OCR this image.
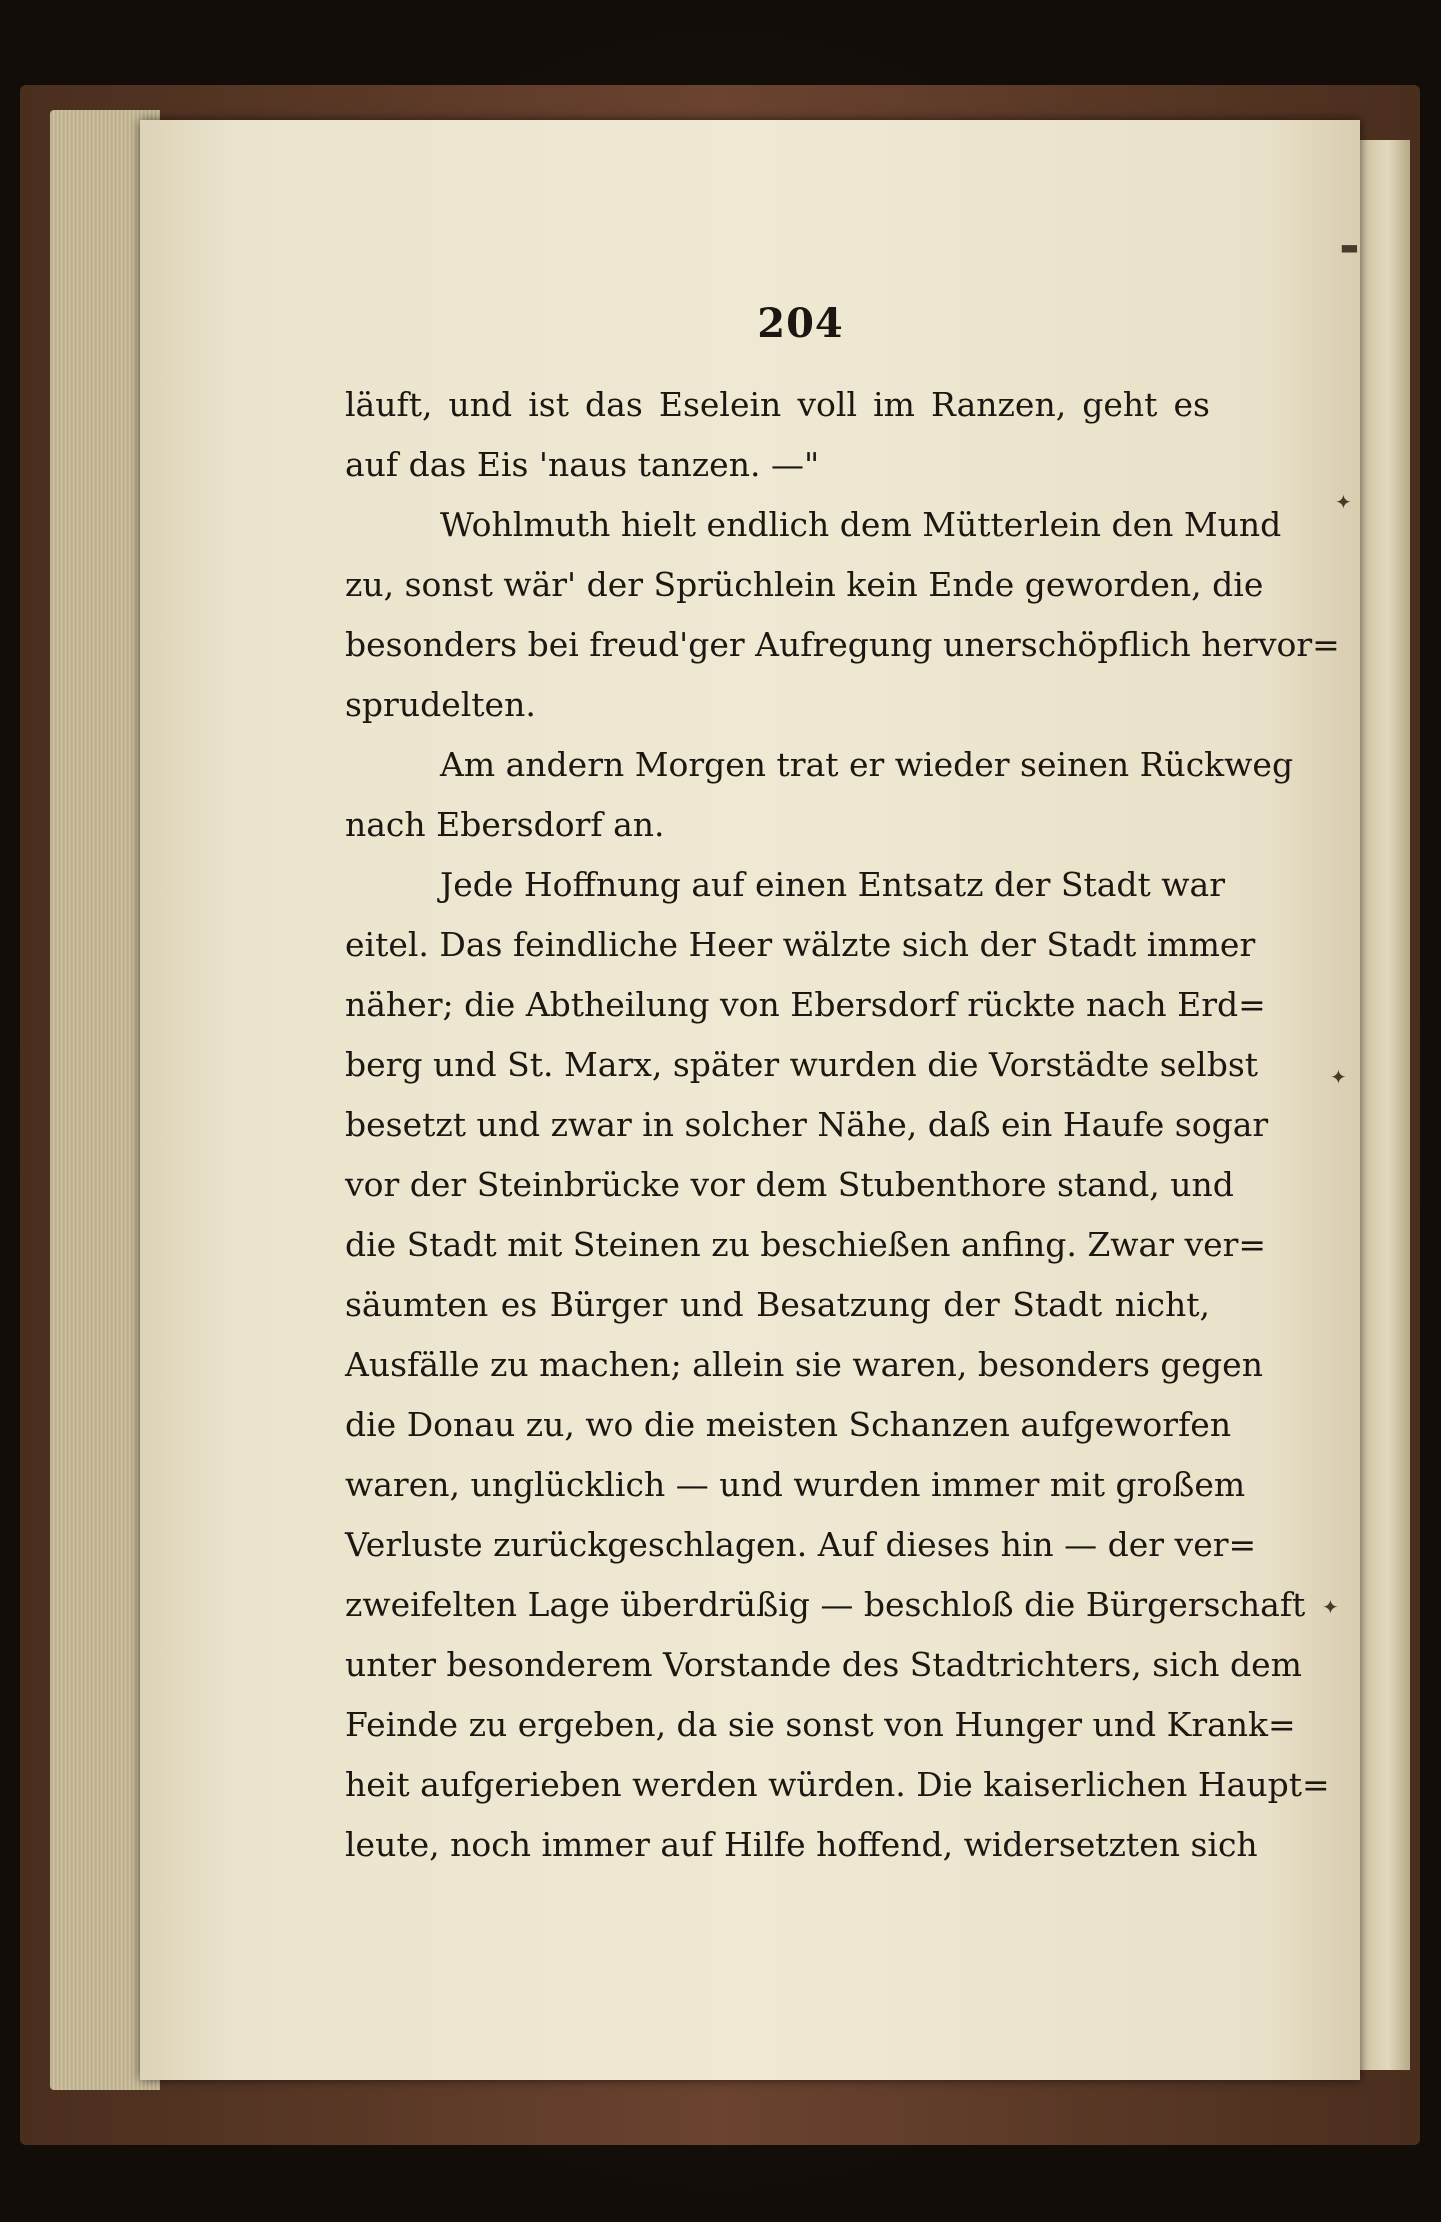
204
läuft, und ist das Eselein voll im Ranzen, geht es
auf das Eis 'naus tanzen. —"
Wohlmuth hielt endlich dem Mütterlein den Mund
zu, sonst wär' der Sprüchlein kein Ende geworden, die
besonders bei freud'ger Aufregung unerschöpflich hervor=
sprudelten.
Am andern Morgen trat er wieder seinen Rückweg
nach Ebersdorf an.
Jede Hoffnung auf einen Entsatz der Stadt war
eitel. Das feindliche Heer wälzte sich der Stadt immer
näher; die Abtheilung von Ebersdorf rückte nach Erd=
berg und St. Marx, später wurden die Vorstädte selbst
besetzt und zwar in solcher Nähe, daß ein Haufe sogar
vor der Steinbrücke vor dem Stubenthore stand, und
die Stadt mit Steinen zu beschießen anfing. Zwar ver=
säumten es Bürger und Besatzung der Stadt nicht,
Ausfälle zu machen; allein sie waren, besonders gegen
die Donau zu, wo die meisten Schanzen aufgeworfen
waren, unglücklich — und wurden immer mit großem
Verluste zurückgeschlagen. Auf dieses hin — der ver=
zweifelten Lage überdrüßig — beschloß die Bürgerschaft
unter besonderem Vorstande des Stadtrichters, sich dem
Feinde zu ergeben, da sie sonst von Hunger und Krank=
heit aufgerieben werden würden. Die kaiserlichen Haupt=
leute, noch immer auf Hilfe hoffend, widersetzten sich
▬
✦
✦
✦
